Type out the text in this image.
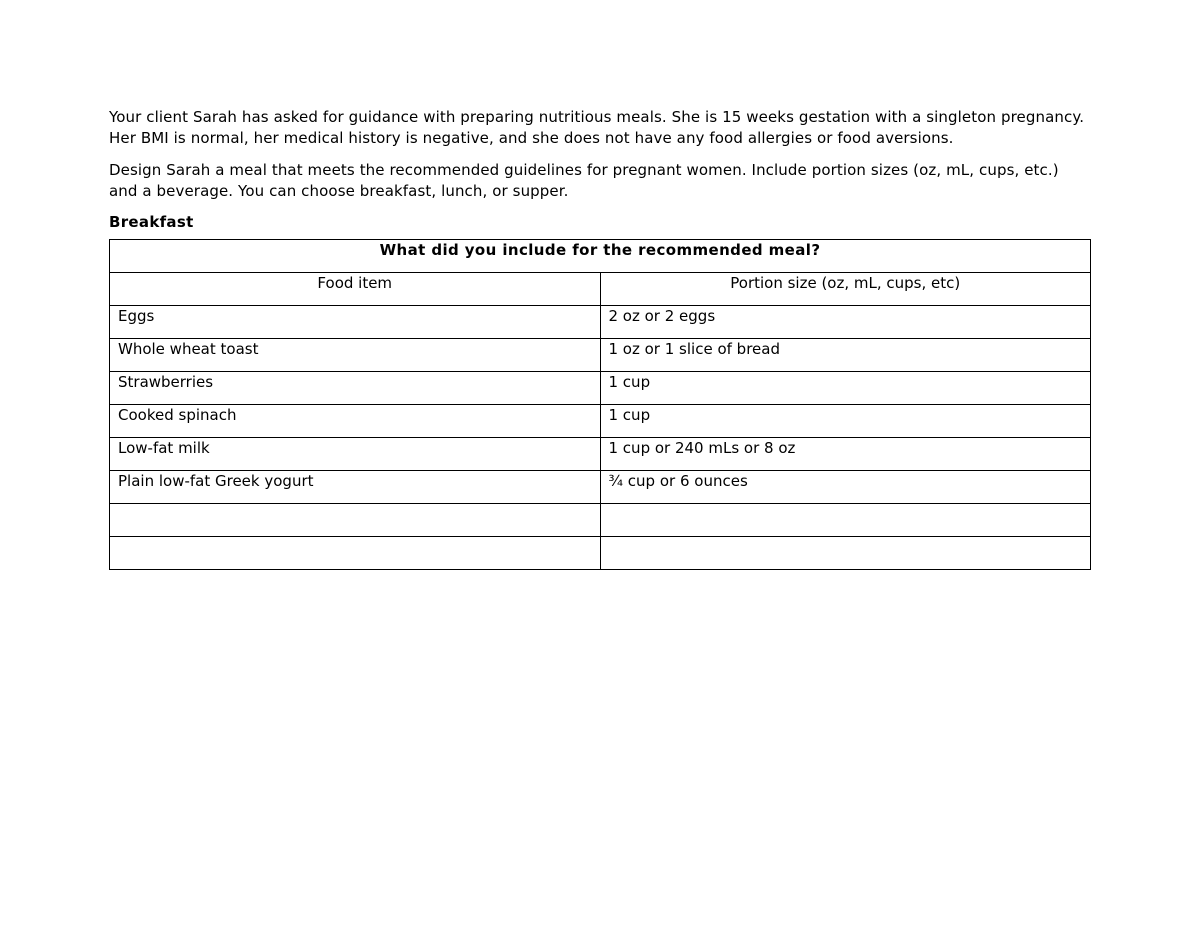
Your client Sarah has asked for guidance with preparing nutritious meals. She is 15 weeks gestation with a singleton pregnancy. Her BMI is normal, her medical history is negative, and she does not have any food allergies or food aversions.

Design Sarah a meal that meets the recommended guidelines for pregnant women. Include portion sizes (oz, mL, cups, etc.) and a beverage. You can choose breakfast, lunch, or supper.

Breakfast

What did you include for the recommended meal?	
Food item	Portion size (oz, mL, cups, etc)
Eggs	2 oz or 2 eggs
Whole wheat toast	1 oz or 1 slice of bread
Strawberries	1 cup
Cooked spinach	1 cup
Low-fat milk	1 cup or 240 mLs or 8 oz
Plain low-fat Greek yogurt	¾ cup or 6 ounces
